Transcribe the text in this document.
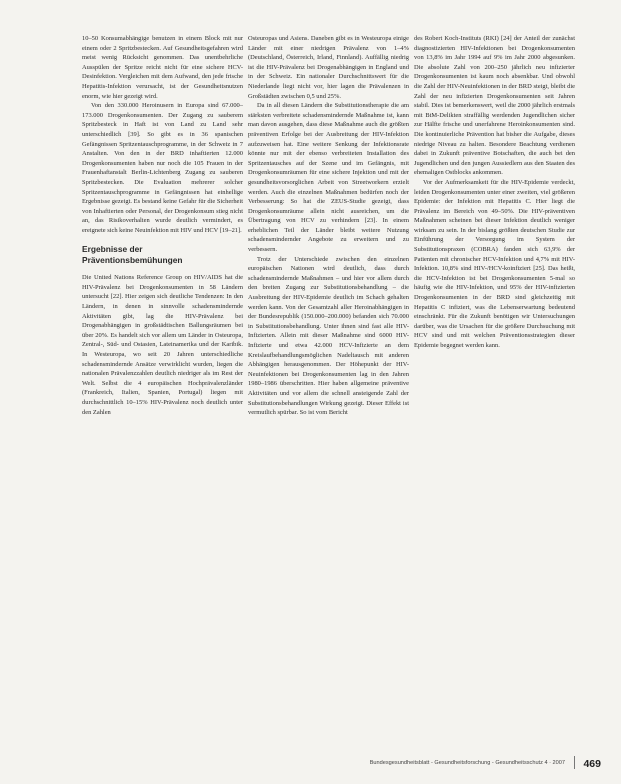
10–50 Konsumabhängige benutzen in einem Block mit nur einem oder 2 Spritzbestecken. Auf Gesundheitsgefahren wird meist wenig Rücksicht genommen. Das unentbehrliche Ausspülen der Spritze reicht nicht für eine sichere HCV-Desinfektion. Vergleichen mit dem Aufwand, den jede frische Hepatitis-Infektion verursacht, ist der Gesundheitsnutzen enorm, wie hier gezeigt wird.

Von den 330.000 Heroinusern in Europa sind 67.000–173.000 Drogenkonsumenten. Der Zugang zu sauberem Spritzbesteck in Haft ist von Land zu Land sehr unterschiedlich [39]. So gibt es in 36 spanischen Gefängnissen Spritzentauschprogramme, in der Schweiz in 7 Anstalten. Von den in der BRD inhaftierten 12.000 Drogenkonsumenten haben nur noch die 105 Frauen in der Frauenhaftanstalt Berlin-Lichtenberg Zugang zu sauberen Spritzbestecken. Die Evaluation mehrerer solcher Spritzentauschprogramme in Gefängnissen hat einhellige Ergebnisse gezeigt. Es bestand keine Gefahr für die Sicherheit von Inhaftierten oder Personal, der Drogenkonsum stieg nicht an, das Risikoverhalten wurde deutlich vermindert, es ereignete sich keine Neuinfektion mit HIV und HCV [19–21].

Ergebnisse der Präventionsbemühungen

Die United Nations Reference Group on HIV/AIDS hat die HIV-Prävalenz bei Drogenkonsumenten in 58 Ländern untersucht [22]. Hier zeigen sich deutliche Tendenzen: In den Ländern, in denen in sinnvolle schadensmindernde Aktivitäten gibt, lag die HIV-Prävalenz bei Drogenabhängigen in großstädtischen Ballungsräumen bei über 20%. Es handelt sich vor allem um Länder in Osteuropa, Zentral-, Süd- und Ostasien, Lateinamerika und der Karibik. In Westeuropa, wo seit 20 Jahren unterschiedliche schadensmindernde Ansätze verwirklicht wurden, liegen die nationalen Prävalenzzahlen deutlich niedriger als im Rest der Welt. Selbst die 4 europäischen Hochprävalenzländer (Frankreich, Italien, Spanien, Portugal) liegen mit durchschnittlich 10–15% HIV-Prävalenz noch deutlich unter den Zahlen

Osteuropas und Asiens. Daneben gibt es in Westeuropa einige Länder mit einer niedrigen Prävalenz von 1–4% (Deutschland, Österreich, Irland, Finnland). Auffällig niedrig ist die HIV-Prävalenz bei Drogenabhängigen in England und in der Schweiz. Ein nationaler Durchschnittswert für die Niederlande liegt nicht vor, hier lagen die Prävalenzen in Großstädten zwischen 0,5 und 25%.

Da in all diesen Ländern die Substitutionstherapie die am stärksten verbreitete schadensmindernde Maßnahme ist, kann man davon ausgehen, dass diese Maßnahme auch die größten präventiven Erfolge bei der Ausbreitung der HIV-Infektion aufzuweisen hat. Eine weitere Senkung der Infektionsrate könnte nur mit der ebenso verbreiteten Installation des Spritzentausches auf der Szene und im Gefängnis, mit Drogenkonsumräumen für eine sichere Injektion und mit der gesundheitsvorsorglichen Arbeit von Streetworkern erzielt werden. Auch die einzelnen Maßnahmen bedürfen noch der Verbesserung: So hat die ZEUS-Studie gezeigt, dass Drogenkonsumräume allein nicht ausreichen, um die Übertragung von HCV zu verhindern [23]. In einem erheblichen Teil der Länder bleibt weitere Nutzung schadensmindernder Angebote zu erweitern und zu verbessern.

Trotz der Unterschiede zwischen den einzelnen europäischen Nationen wird deutlich, dass durch schadensmindernde Maßnahmen – und hier vor allem durch den breiten Zugang zur Substitutionsbehandlung – die Ausbreitung der HIV-Epidemie deutlich im Schach gehalten werden kann. Von der Gesamtzahl aller Heroinabhängigen in der Bundesrepublik (150.000–200.000) befanden sich 70.000 in Substitutionsbehandlung. Unter ihnen sind fast alle HIV-Infizierten. Allein mit dieser Maßnahme sind 6000 HIV-Infizierte und etwa 42.000 HCV-Infizierte an dem Kreislaufbehandlungsmöglichen Nadeltausch mit anderen Abhängigen herausgenommen. Der Höhepunkt der HIV-Neuinfektionen bei Drogenkonsumenten lag in den Jahren 1980–1986 überschritten. Hier haben allgemeine präventive Aktivitäten und vor allem die schnell ansteigende Zahl der Substitutionsbehandlungen Wirkung gezeigt. Dieser Effekt ist vermutlich spürbar. So ist vom Bericht

des Robert Koch-Instituts (RKI) [24] der Anteil der zunächst diagnostizierten HIV-Infektionen bei Drogenkonsumenten von 13,8% im Jahr 1994 auf 9% im Jahr 2000 abgesunken. Die absolute Zahl von 200–250 jährlich neu infizierter Drogenkonsumenten ist kaum noch absenkbar. Und obwohl die Zahl der HIV-Neuinfektionen in der BRD steigt, bleibt die Zahl der neu infizierten Drogenkonsumenten seit Jahren stabil. Dies ist bemerkenswert, weil die 2000 jährlich erstmals mit BtM-Delikten straffällig werdenden Jugendlichen sicher zur Hälfte frische und unerfahrene Heroinkonsumenten sind. Die kontinuierliche Prävention hat bisher die Aufgabe, dieses niedrige Niveau zu halten. Besondere Beachtung verdienen dabei in Zukunft präventive Botschaften, die auch bei den Jugendlichen und den jungen Aussiedlern aus den Staaten des ehemaligen Ostblocks ankommen.

Vor der Aufmerksamkeit für die HIV-Epidemie verdeckt, leiden Drogenkonsumenten unter einer zweiten, viel größeren Epidemie: der Infektion mit Hepatitis C. Hier liegt die Prävalenz im Bereich von 49–50%. Die HIV-präventiven Maßnahmen scheinen bei dieser Infektion deutlich weniger wirksam zu sein. In der bislang größten deutschen Studie zur Einführung der Versorgung im System der Substitutionspraxen (COBRA) fanden sich 63,9% der Patienten mit chronischer HCV-Infektion und 4,7% mit HIV-Infektion. 10,8% sind HIV-/HCV-koinfiziert [25]. Das heißt, die HCV-Infektion ist bei Drogenkonsumenten 5-mal so häufig wie die HIV-Infektion, und 95% der HIV-infizierten Drogenkonsumenten in der BRD sind gleichzeitig mit Hepatitis C infiziert, was die Lebenserwartung bedeutend einschränkt. Für die Zukunft benötigen wir Untersuchungen darüber, was die Ursachen für die größere Durchsuchung mit HCV sind und mit welchen Präventionsstrategien dieser Epidemie begegnet werden kann.

Bundesgesundheitsblatt - Gesundheitsforschung - Gesundheitsschutz 4 · 2007 469
